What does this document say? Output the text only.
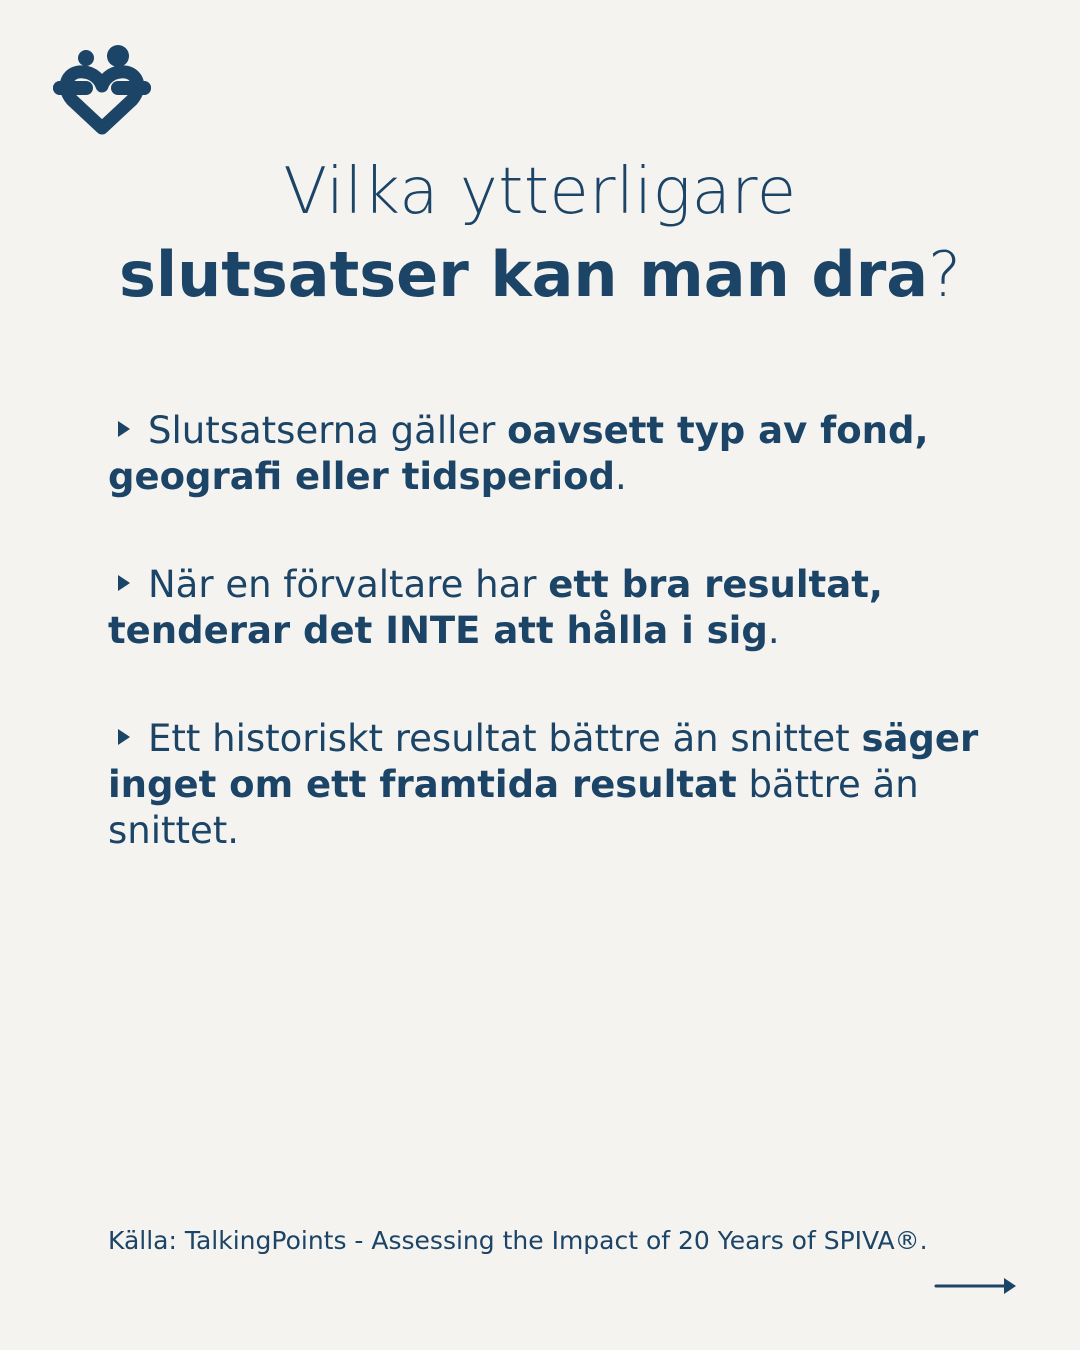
Vilka ytterligare
slutsatser kan man dra?
Slutsatserna gäller oavsett typ av fond, geografi eller tidsperiod.
När en förvaltare har ett bra resultat, tenderar det INTE att hålla i sig.
Ett historiskt resultat bättre än snittet säger inget om ett framtida resultat bättre än snittet.
Källa: TalkingPoints - Assessing the Impact of 20 Years of SPIVA®.
